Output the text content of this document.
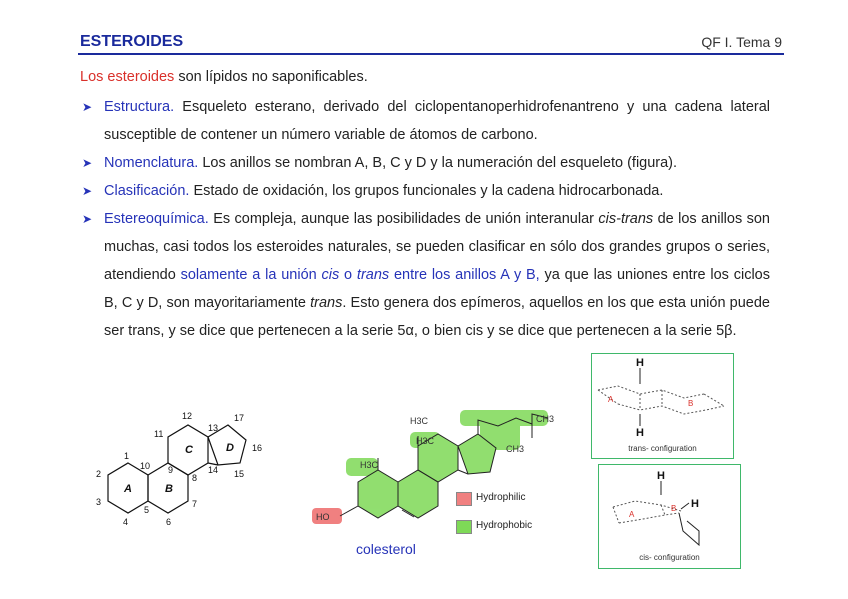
ESTEROIDES	QF I. Tema 9
Los esteroides son lípidos no saponificables.
➤ Estructura. Esqueleto esterano, derivado del ciclopentanoperhidrofenantreno y una cadena lateral susceptible de contener un número variable de átomos de carbono.
➤ Nomenclatura. Los anillos se nombran A, B, C y D y la numeración del esqueleto (figura).
➤ Clasificación. Estado de oxidación, los grupos funcionales y la cadena hidrocarbonada.
➤ Estereoquímica. Es compleja, aunque las posibilidades de unión interanular cis-trans de los anillos son muchas, casi todos los esteroides naturales, se pueden clasificar en sólo dos grandes grupos o series, atendiendo solamente a la unión cis o trans entre los anillos A y B, ya que las uniones entre los ciclos B, C y D, son mayoritariamente trans. Esto genera dos epímeros, aquellos en los que esta unión puede ser trans, y se dice que pertenecen a la serie 5α, o bien cis y se dice que pertenecen a la serie 5β.
A	B
C	D
1
2
3
4
5
6
7
8
9
10
11
12
13
14 15
16
17
HO
H3C
H3C
H3C	CH3
CH3
Hydrophilic
Hydrophobic
colesterol
H
H
A	B
trans- configuration
H
H
A
B
cis- configuration
